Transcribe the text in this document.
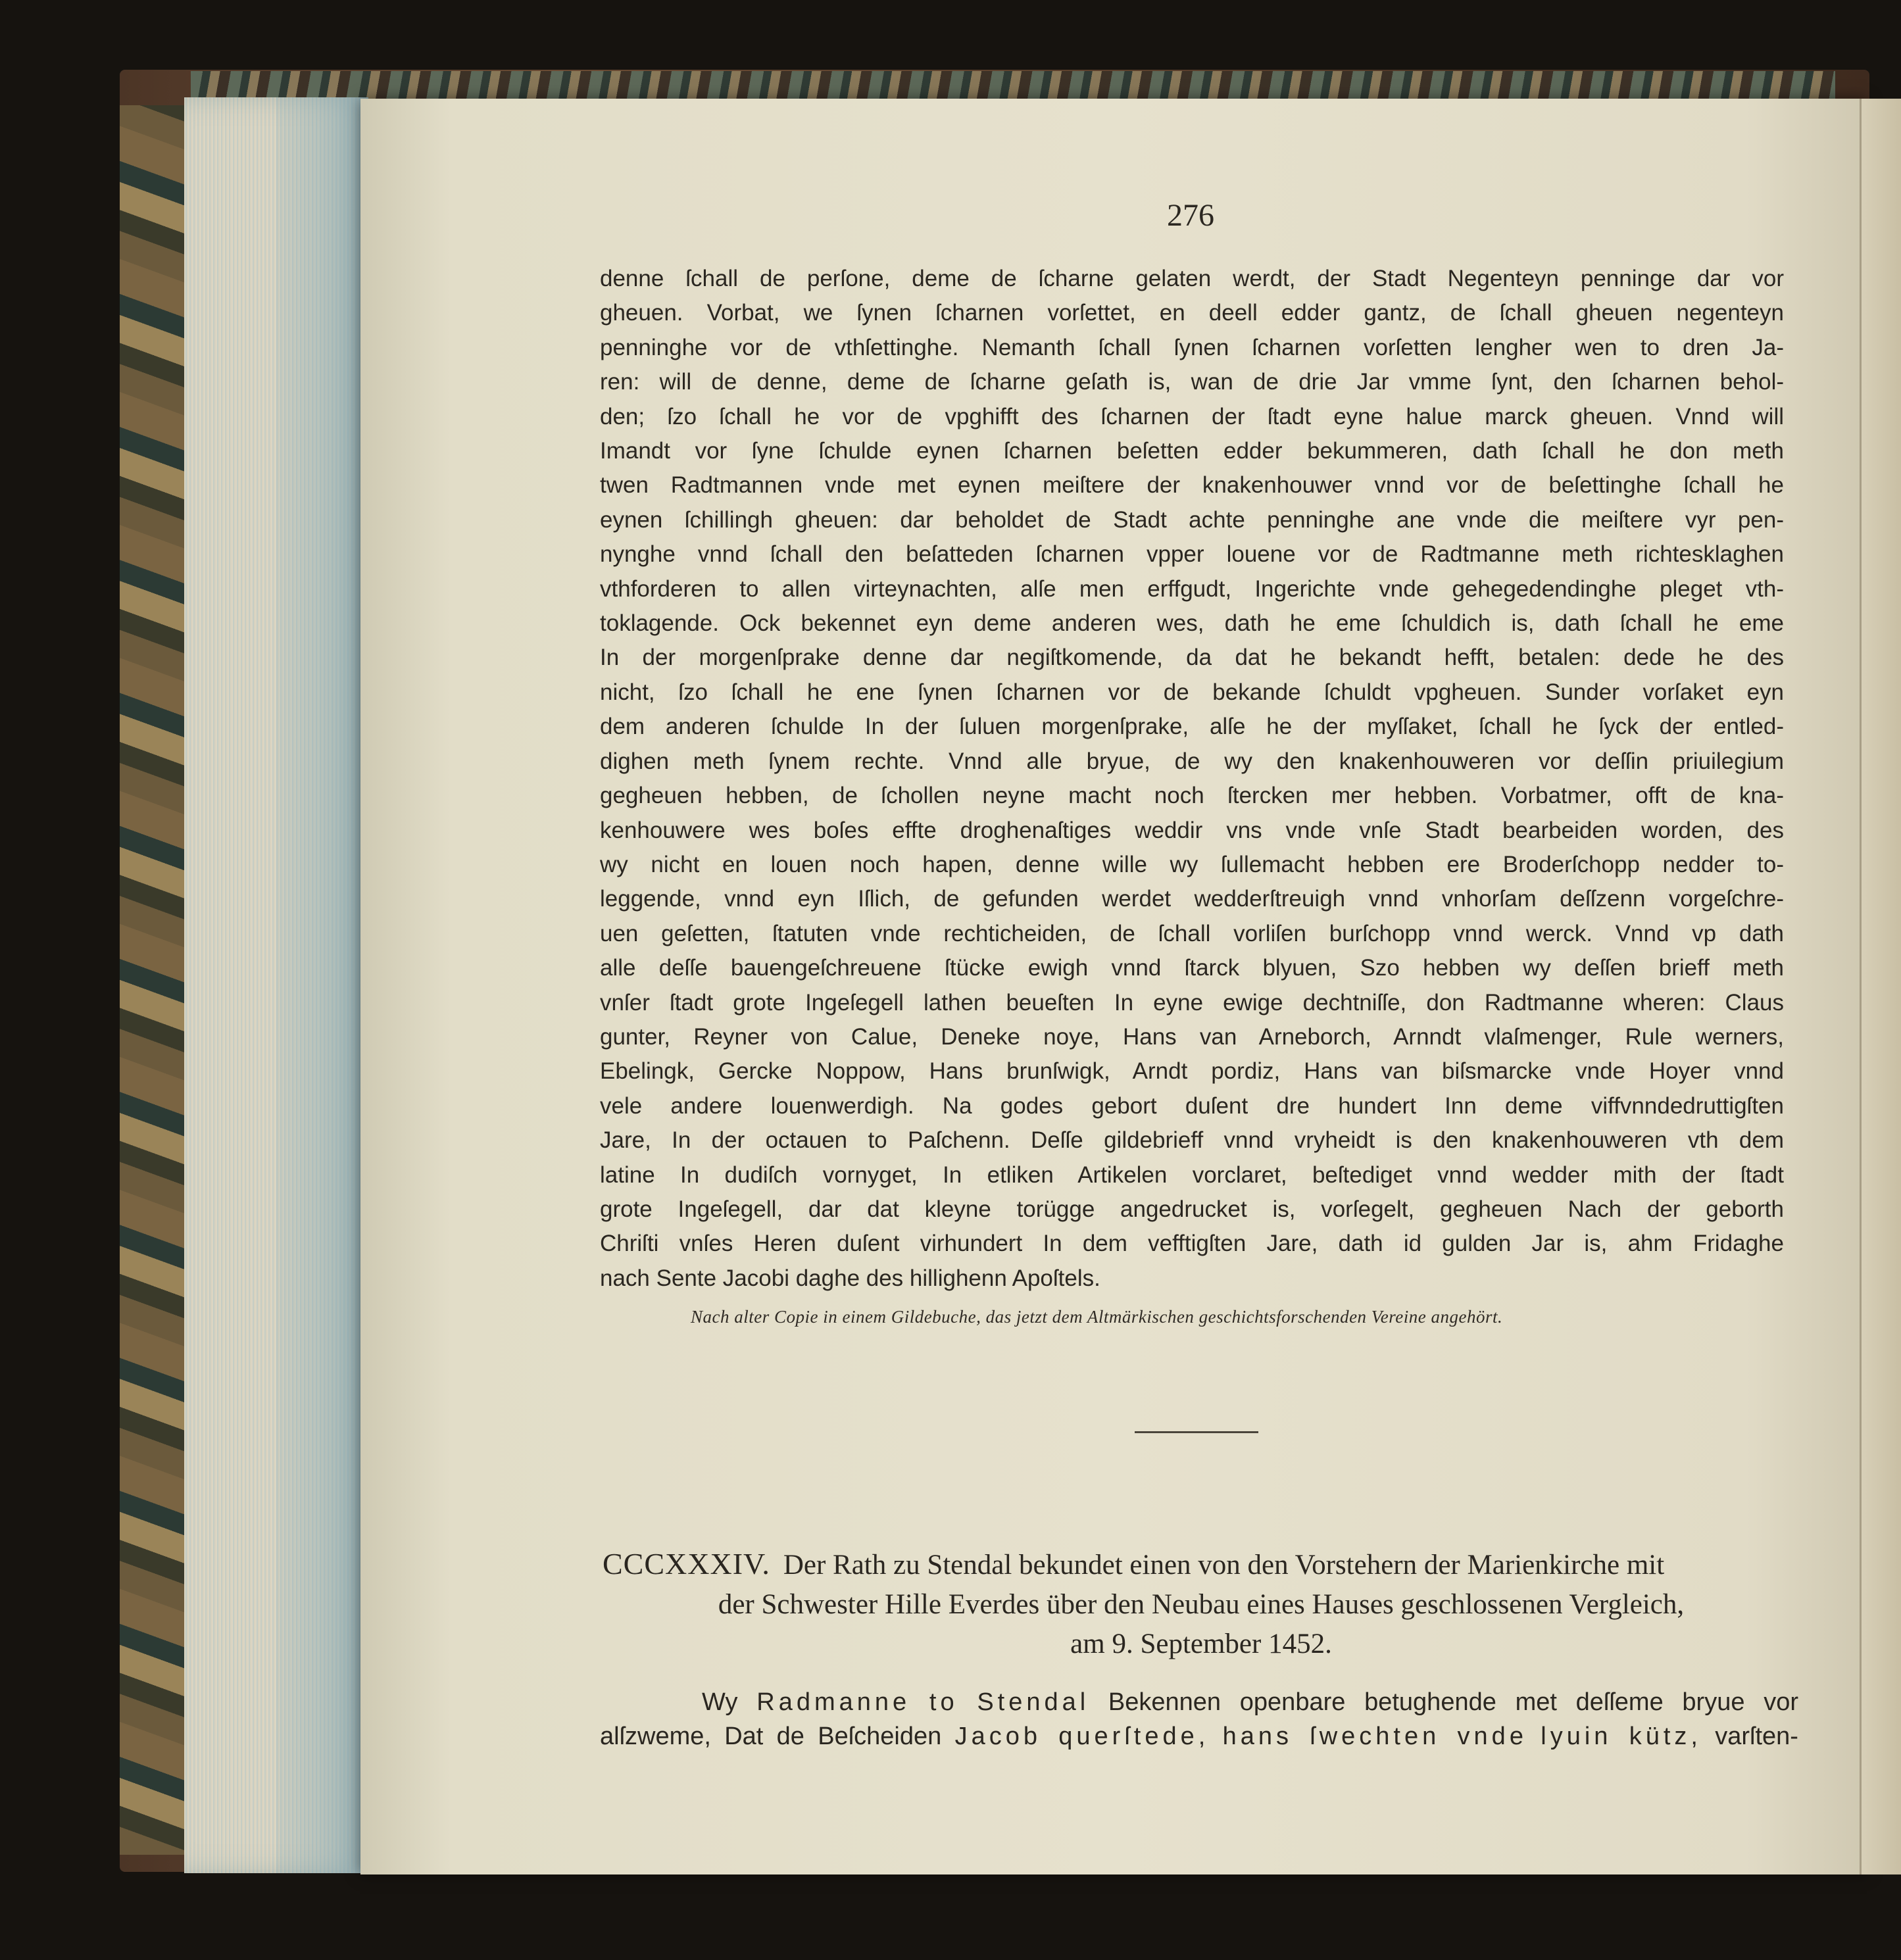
276
denne ſchall de perſone, deme de ſcharne gelaten werdt, der Stadt Negenteyn penninge dar vor
gheuen. Vorbat, we ſynen ſcharnen vorſettet, en deell edder gantz, de ſchall gheuen negenteyn
penninghe vor de vthſettinghe. Nemanth ſchall ſynen ſcharnen vorſetten lengher wen to dren Ja-
ren: will de denne, deme de ſcharne geſath is, wan de drie Jar vmme ſynt, den ſcharnen behol-
den; ſzo ſchall he vor de vpghifft des ſcharnen der ſtadt eyne halue marck gheuen. Vnnd will
Imandt vor ſyne ſchulde eynen ſcharnen beſetten edder bekummeren, dath ſchall he don meth
twen Radtmannen vnde met eynen meiſtere der knakenhouwer vnnd vor de beſettinghe ſchall he
eynen ſchillingh gheuen: dar beholdet de Stadt achte penninghe ane vnde die meiſtere vyr pen-
nynghe vnnd ſchall den beſatteden ſcharnen vpper louene vor de Radtmanne meth richtesklaghen
vthforderen to allen virteynachten, alſe men erffgudt, Ingerichte vnde gehegedendinghe pleget vth-
toklagende. Ock bekennet eyn deme anderen wes, dath he eme ſchuldich is, dath ſchall he eme
In der morgenſprake denne dar negiſtkomende, da dat he bekandt hefft, betalen: dede he des
nicht, ſzo ſchall he ene ſynen ſcharnen vor de bekande ſchuldt vpgheuen. Sunder vorſaket eyn
dem anderen ſchulde In der ſuluen morgenſprake, alſe he der myſſaket, ſchall he ſyck der entled-
dighen meth ſynem rechte. Vnnd alle bryue, de wy den knakenhouweren vor deſſin priuilegium
gegheuen hebben, de ſchollen neyne macht noch ſtercken mer hebben. Vorbatmer, offt de kna-
kenhouwere wes boſes effte droghenaſtiges weddir vns vnde vnſe Stadt bearbeiden worden, des
wy nicht en louen noch hapen, denne wille wy ſullemacht hebben ere Broderſchopp nedder to-
leggende, vnnd eyn Iſlich, de gefunden werdet wedderſtreuigh vnnd vnhorſam deſſzenn vorgeſchre-
uen geſetten, ſtatuten vnde rechticheiden, de ſchall vorliſen burſchopp vnnd werck. Vnnd vp dath
alle deſſe bauengeſchreuene ſtücke ewigh vnnd ſtarck blyuen, Szo hebben wy deſſen brieff meth
vnſer ſtadt grote Ingeſegell lathen beueſten In eyne ewige dechtniſſe, don Radtmanne wheren: Claus
gunter, Reyner von Calue, Deneke noye, Hans van Arneborch, Arnndt vlaſmenger, Rule werners,
Ebelingk, Gercke Noppow, Hans brunſwigk, Arndt pordiz, Hans van biſsmarcke vnde Hoyer vnnd
vele andere louenwerdigh. Na godes gebort duſent dre hundert Inn deme viffvnndedruttigſten
Jare, In der octauen to Paſchenn. Deſſe gildebrieff vnnd vryheidt is den knakenhouweren vth dem
latine In dudiſch vornyget, In etliken Artikelen vorclaret, beſtediget vnnd wedder mith der ſtadt
grote Ingeſegell, dar dat kleyne torügge angedrucket is, vorſegelt, gegheuen Nach der geborth
Chriſti vnſes Heren duſent virhundert In dem vefftigſten Jare, dath id gulden Jar is, ahm Fridaghe
nach Sente Jacobi daghe des hillighenn Apoſtels.
Nach alter Copie in einem Gildebuche, das jetzt dem Altmärkischen geschichtsforschenden Vereine angehört.
CCCXXXIV. Der Rath zu Stendal bekundet einen von den Vorstehern der Marienkirche mit
der Schwester Hille Everdes über den Neubau eines Hauses geschlossenen Vergleich,
am 9. September 1452.
Wy Radmanne to Stendal Bekennen openbare betughende met deſſeme bryue vor
alſzweme, Dat de Beſcheiden Jacob querſtede, hans ſwechten vnde lyuin kütz, varſten-
